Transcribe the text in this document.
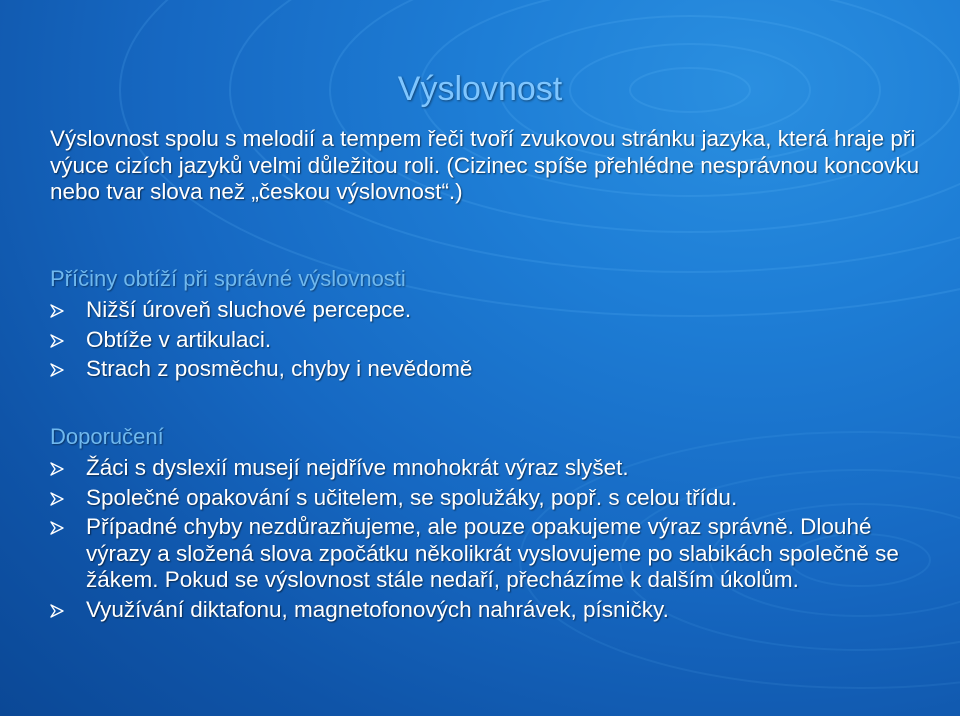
Výslovnost

Výslovnost spolu s melodií a tempem řeči tvoří zvukovou stránku jazyka, která hraje při výuce cizích jazyků velmi důležitou roli. (Cizinec spíše přehlédne nesprávnou koncovku nebo tvar slova než „českou výslovnost“.)

Příčiny obtíží při správné výslovnosti
Nižší úroveň sluchové percepce.
Obtíže v artikulaci.
Strach z posměchu, chyby i nevědomě
Doporučení
Žáci s dyslexií musejí nejdříve mnohokrát výraz slyšet.
Společné opakování s učitelem, se spolužáky, popř. s celou třídu.
Případné chyby nezdůrazňujeme, ale pouze opakujeme výraz správně. Dlouhé výrazy a složená slova zpočátku několikrát vyslovujeme po slabikách společně se žákem. Pokud se výslovnost stále nedaří, přecházíme k dalším úkolům.
Využívání diktafonu, magnetofonových nahrávek, písničky.
